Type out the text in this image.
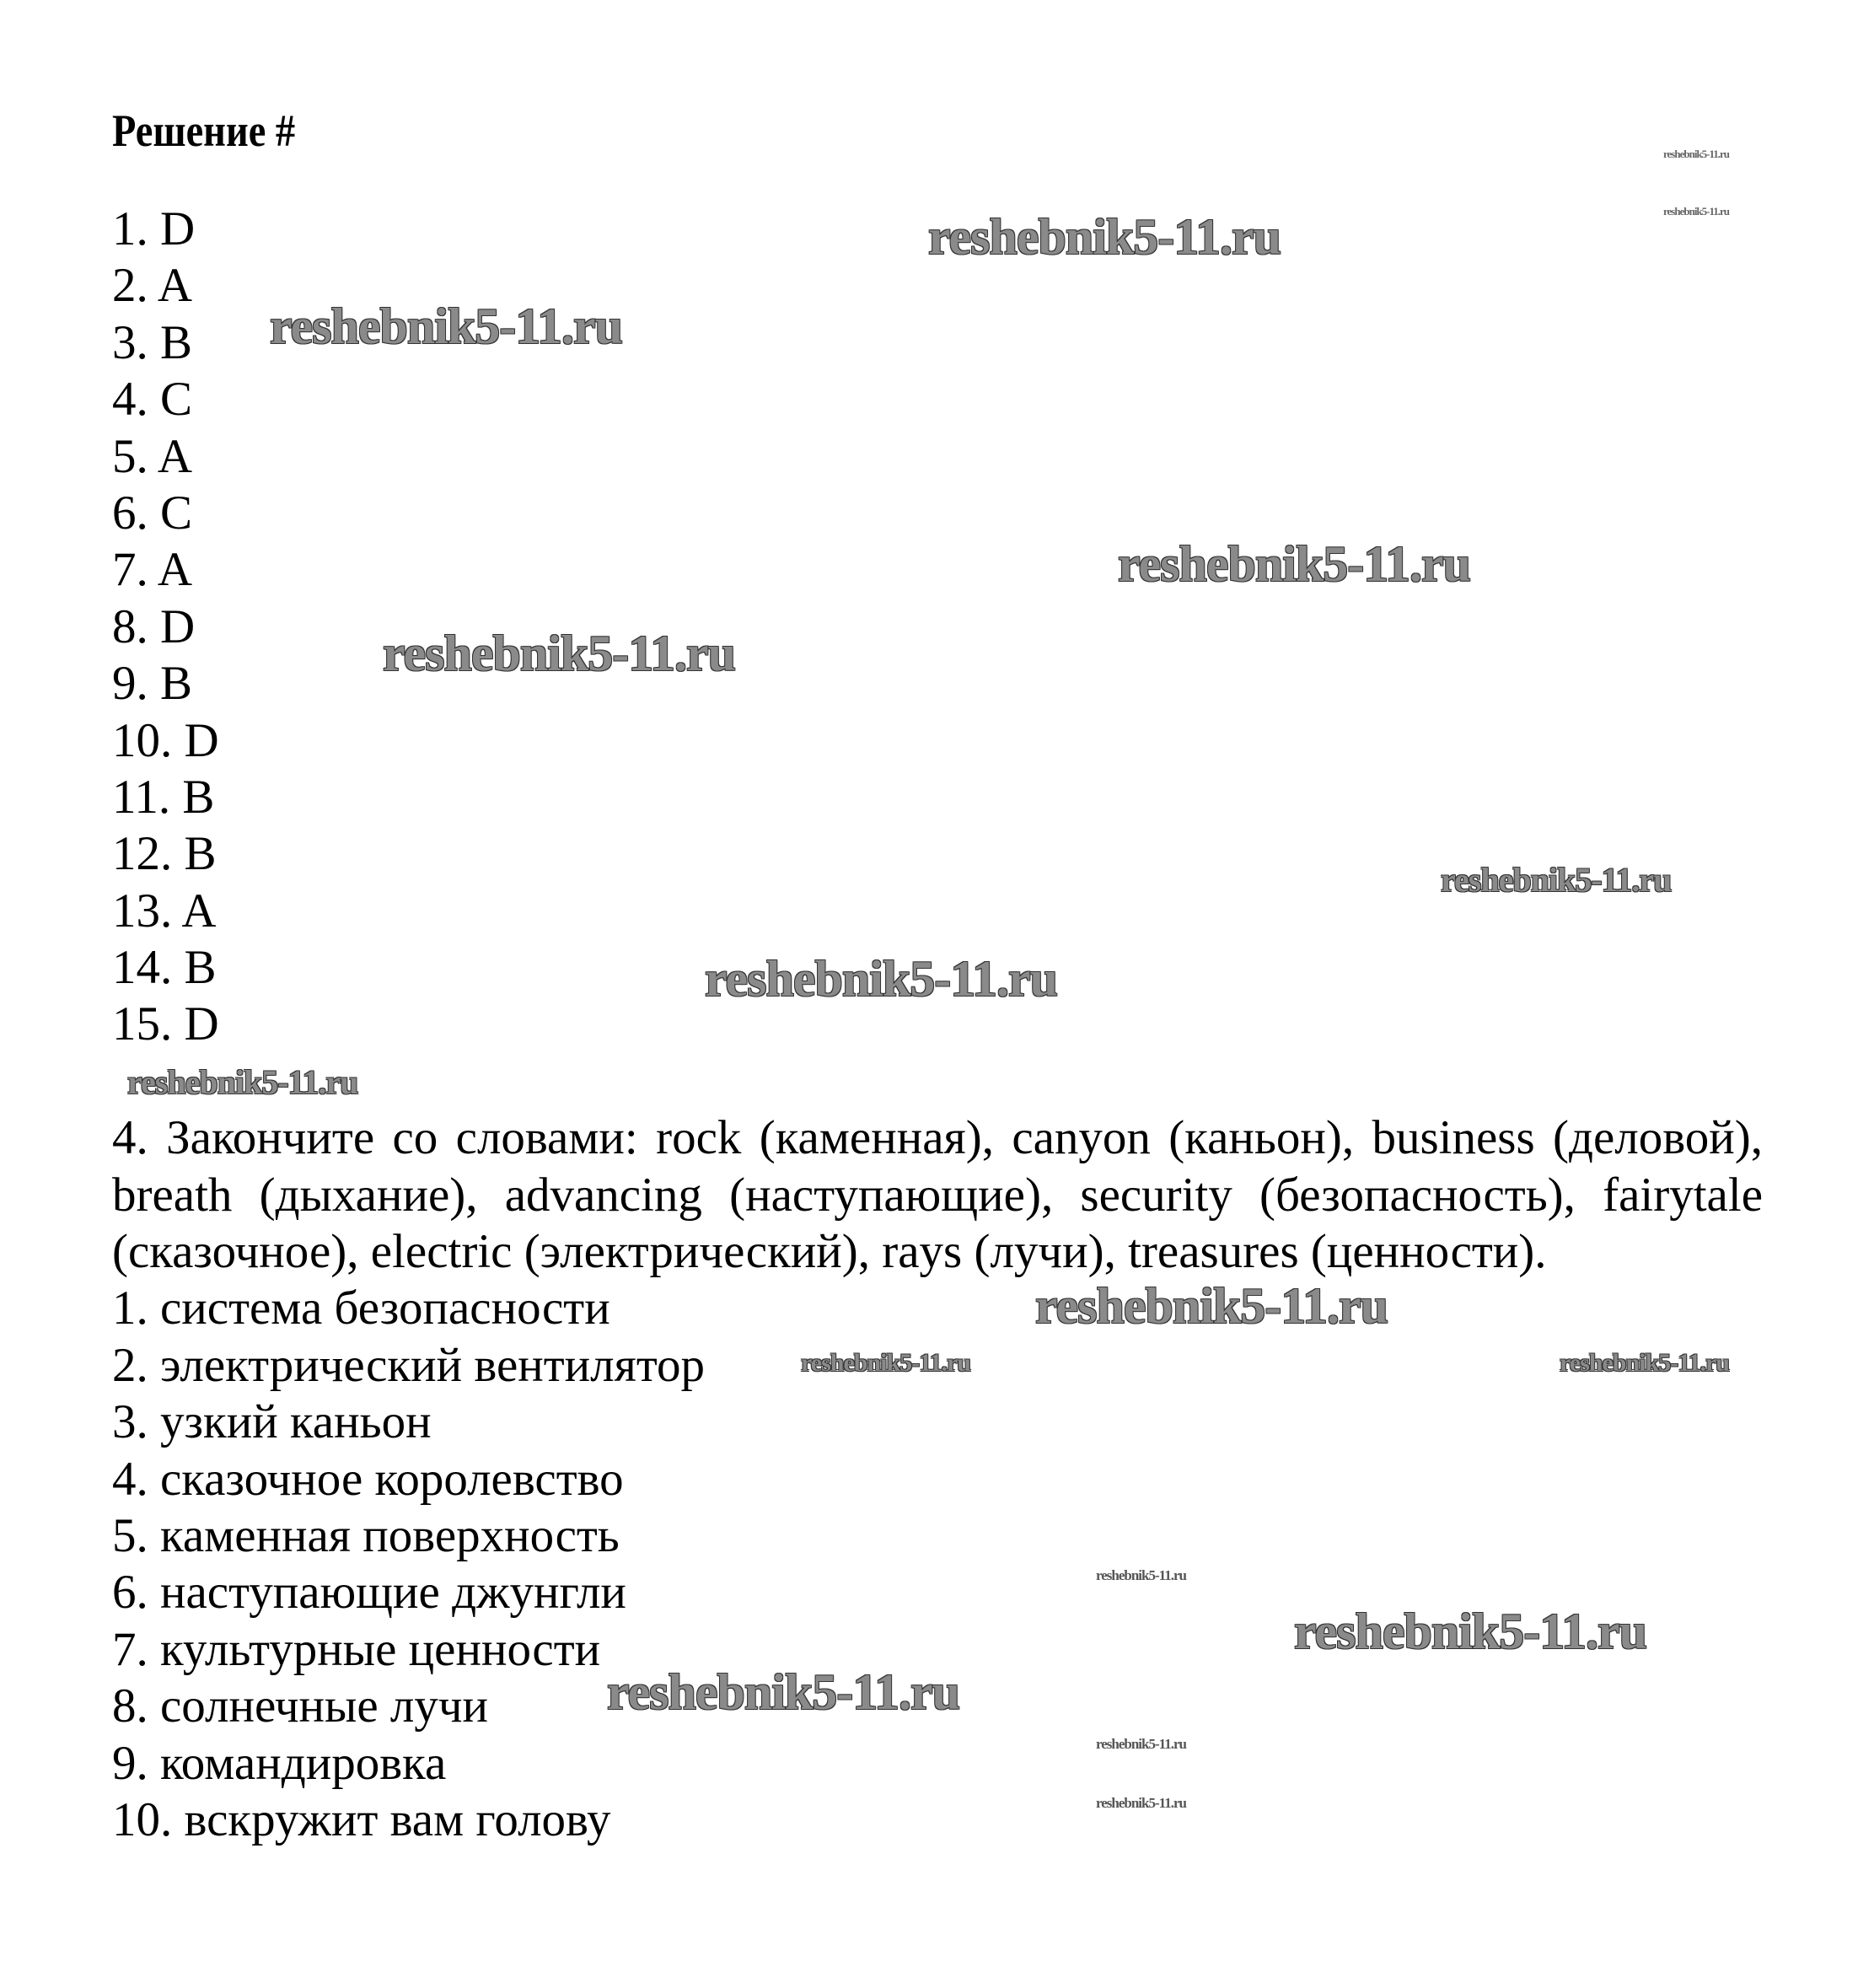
Решение #
1. D
2. A
3. B
4. C
5. A
6. C
7. A
8. D
9. B
10. D
11. B
12. B
13. A
14. B
15. D
4. Закончите со словами: rock (каменная), canyon (каньон), business (деловой),
breath (дыхание), advancing (наступающие), security (безопасность), fairytale
(сказочное), electric (электрический), rays (лучи), treasures (ценности).
1. система безопасности
2. электрический вентилятор
3. узкий каньон
4. сказочное королевство
5. каменная поверхность
6. наступающие джунгли
7. культурные ценности
8. солнечные лучи
9. командировка
10. вскружит вам голову
reshebnik5-11.ru
reshebnik5-11.ru
reshebnik5-11.ru
reshebnik5-11.ru
reshebnik5-11.ru
reshebnik5-11.ru
reshebnik5-11.ru
reshebnik5-11.ru
reshebnik5-11.ru
reshebnik5-11.ru
reshebnik5-11.ru	reshebnik5-11.ru
reshebnik5-11.ru
reshebnik5-11.ru
reshebnik5-11.ru
reshebnik5-11.ru
reshebnik5-11.ru
